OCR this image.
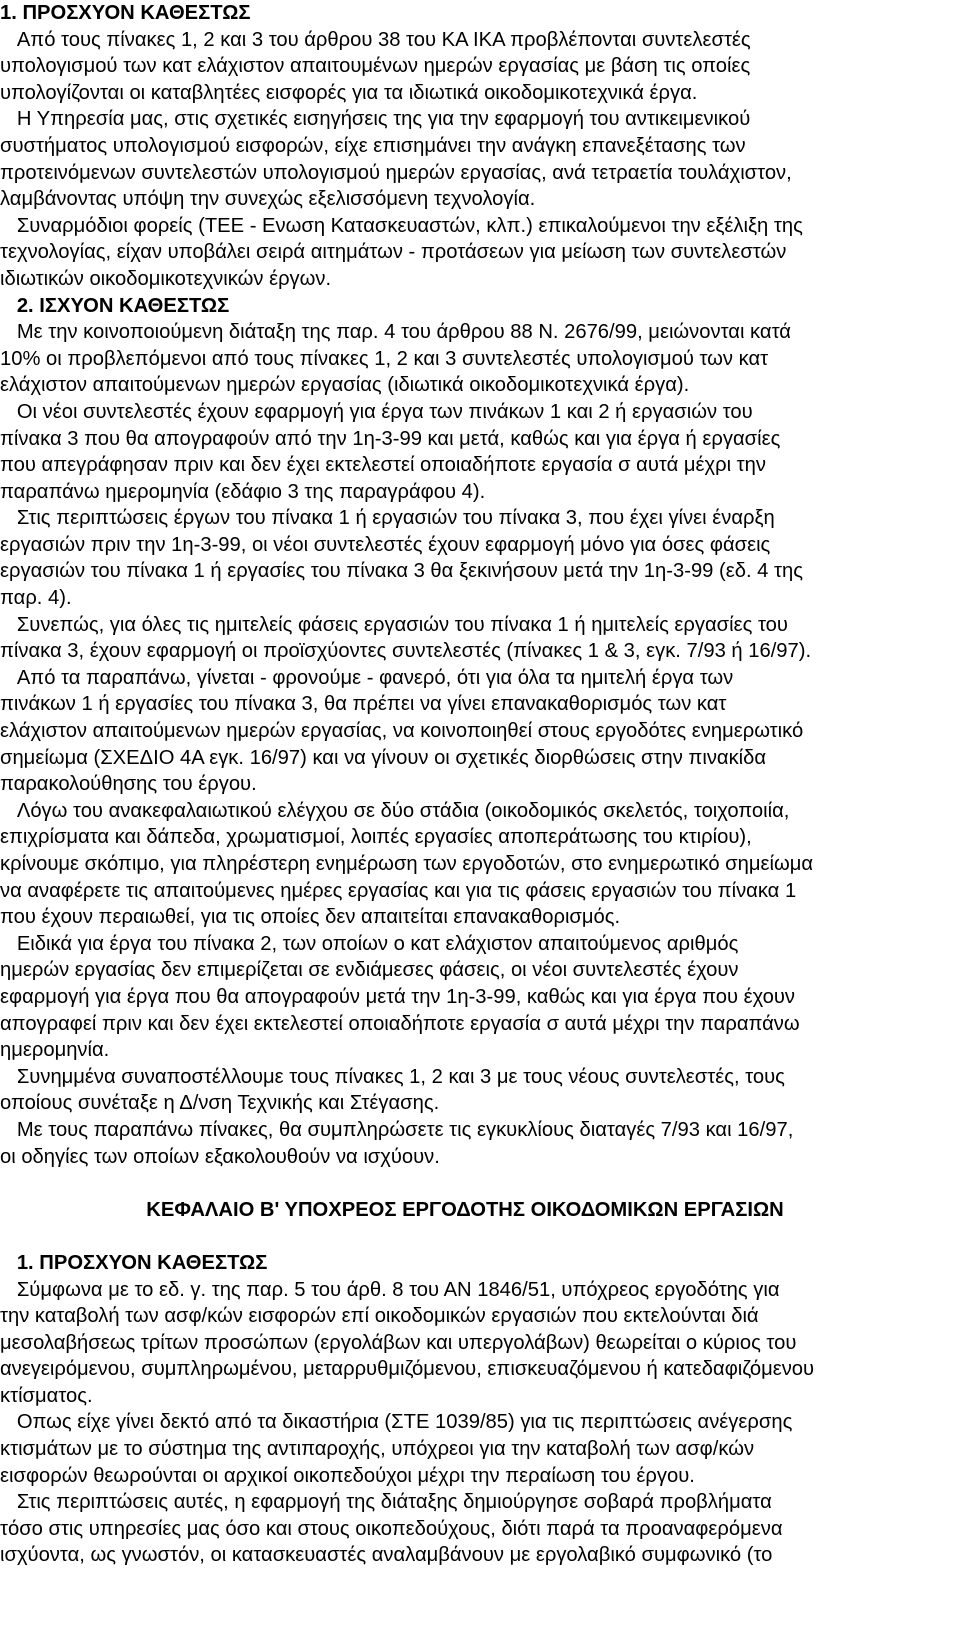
1. ΠΡΟΣΧΥΟΝ ΚΑΘΕΣΤΩΣ

Από τους πίνακες 1, 2 και 3 του άρθρου 38 του ΚΑ ΙΚΑ προβλέπονται συντελεστές
υπολογισμού των κατ ελάχιστον απαιτουμένων ημερών εργασίας με βάση τις οποίες
υπολογίζονται οι καταβλητέες εισφορές για τα ιδιωτικά οικοδομικοτεχνικά έργα.

Η Υπηρεσία μας, στις σχετικές εισηγήσεις της για την εφαρμογή του αντικειμενικού
συστήματος υπολογισμού εισφορών, είχε επισημάνει την ανάγκη επανεξέτασης των
προτεινόμενων συντελεστών υπολογισμού ημερών εργασίας, ανά τετραετία τουλάχιστον,
λαμβάνοντας υπόψη την συνεχώς εξελισσόμενη τεχνολογία.

Συναρμόδιοι φορείς (ΤΕΕ - Ενωση Κατασκευαστών, κλπ.) επικαλούμενοι την εξέλιξη της
τεχνολογίας, είχαν υποβάλει σειρά αιτημάτων - προτάσεων για μείωση των συντελεστών
ιδιωτικών οικοδομικοτεχνικών έργων.

2. ΙΣΧΥΟΝ ΚΑΘΕΣΤΩΣ

Με την κοινοποιούμενη διάταξη της παρ. 4 του άρθρου 88 Ν. 2676/99, μειώνονται κατά
10% οι προβλεπόμενοι από τους πίνακες 1, 2 και 3 συντελεστές υπολογισμού των κατ
ελάχιστον απαιτούμενων ημερών εργασίας (ιδιωτικά οικοδομικοτεχνικά έργα).

Οι νέοι συντελεστές έχουν εφαρμογή για έργα των πινάκων 1 και 2 ή εργασιών του
πίνακα 3 που θα απογραφούν από την 1η-3-99 και μετά, καθώς και για έργα ή εργασίες
που απεγράφησαν πριν και δεν έχει εκτελεστεί οποιαδήποτε εργασία σ αυτά μέχρι την
παραπάνω ημερομηνία (εδάφιο 3 της παραγράφου 4).

Στις περιπτώσεις έργων του πίνακα 1 ή εργασιών του πίνακα 3, που έχει γίνει έναρξη
εργασιών πριν την 1η-3-99, οι νέοι συντελεστές έχουν εφαρμογή μόνο για όσες φάσεις
εργασιών του πίνακα 1 ή εργασίες του πίνακα 3 θα ξεκινήσουν μετά την 1η-3-99 (εδ. 4 της
παρ. 4).

Συνεπώς, για όλες τις ημιτελείς φάσεις εργασιών του πίνακα 1 ή ημιτελείς εργασίες του
πίνακα 3, έχουν εφαρμογή οι προϊσχύοντες συντελεστές (πίνακες 1 & 3, εγκ. 7/93 ή 16/97).

Από τα παραπάνω, γίνεται - φρονούμε - φανερό, ότι για όλα τα ημιτελή έργα των
πινάκων 1 ή εργασίες του πίνακα 3, θα πρέπει να γίνει επανακαθορισμός των κατ
ελάχιστον απαιτούμενων ημερών εργασίας, να κοινοποιηθεί στους εργοδότες ενημερωτικό
σημείωμα (ΣΧΕΔΙΟ 4Α εγκ. 16/97) και να γίνουν οι σχετικές διορθώσεις στην πινακίδα
παρακολούθησης του έργου.

Λόγω του ανακεφαλαιωτικού ελέγχου σε δύο στάδια (οικοδομικός σκελετός, τοιχοποιία,
επιχρίσματα και δάπεδα, χρωματισμοί, λοιπές εργασίες αποπεράτωσης του κτιρίου),
κρίνουμε σκόπιμο, για πληρέστερη ενημέρωση των εργοδοτών, στο ενημερωτικό σημείωμα
να αναφέρετε τις απαιτούμενες ημέρες εργασίας και για τις φάσεις εργασιών του πίνακα 1
που έχουν περαιωθεί, για τις οποίες δεν απαιτείται επανακαθορισμός.

Ειδικά για έργα του πίνακα 2, των οποίων ο κατ ελάχιστον απαιτούμενος αριθμός
ημερών εργασίας δεν επιμερίζεται σε ενδιάμεσες φάσεις, οι νέοι συντελεστές έχουν
εφαρμογή για έργα που θα απογραφούν μετά την 1η-3-99, καθώς και για έργα που έχουν
απογραφεί πριν και δεν έχει εκτελεστεί οποιαδήποτε εργασία σ αυτά μέχρι την παραπάνω
ημερομηνία.

Συνημμένα συναποστέλλουμε τους πίνακες 1, 2 και 3 με τους νέους συντελεστές, τους
οποίους συνέταξε η Δ/νση Τεχνικής και Στέγασης.

Με τους παραπάνω πίνακες, θα συμπληρώσετε τις εγκυκλίους διαταγές 7/93 και 16/97,
οι οδηγίες των οποίων εξακολουθούν να ισχύουν.

ΚΕΦΑΛΑΙΟ Β' ΥΠΟΧΡΕΟΣ ΕΡΓΟΔΟΤΗΣ ΟΙΚΟΔΟΜΙΚΩΝ ΕΡΓΑΣΙΩΝ

1. ΠΡΟΣΧΥΟΝ ΚΑΘΕΣΤΩΣ

Σύμφωνα με το εδ. γ. της παρ. 5 του άρθ. 8 του ΑΝ 1846/51, υπόχρεος εργοδότης για
την καταβολή των ασφ/κών εισφορών επί οικοδομικών εργασιών που εκτελούνται διά
μεσολαβήσεως τρίτων προσώπων (εργολάβων και υπεργολάβων) θεωρείται ο κύριος του
ανεγειρόμενου, συμπληρωμένου, μεταρρυθμιζόμενου, επισκευαζόμενου ή κατεδαφιζόμενου
κτίσματος.

Οπως είχε γίνει δεκτό από τα δικαστήρια (ΣΤΕ 1039/85) για τις περιπτώσεις ανέγερσης
κτισμάτων με το σύστημα της αντιπαροχής, υπόχρεοι για την καταβολή των ασφ/κών
εισφορών θεωρούνται οι αρχικοί οικοπεδούχοι μέχρι την περαίωση του έργου.

Στις περιπτώσεις αυτές, η εφαρμογή της διάταξης δημιούργησε σοβαρά προβλήματα
τόσο στις υπηρεσίες μας όσο και στους οικοπεδούχους, διότι παρά τα προαναφερόμενα
ισχύοντα, ως γνωστόν, οι κατασκευαστές αναλαμβάνουν με εργολαβικό συμφωνικό (το
